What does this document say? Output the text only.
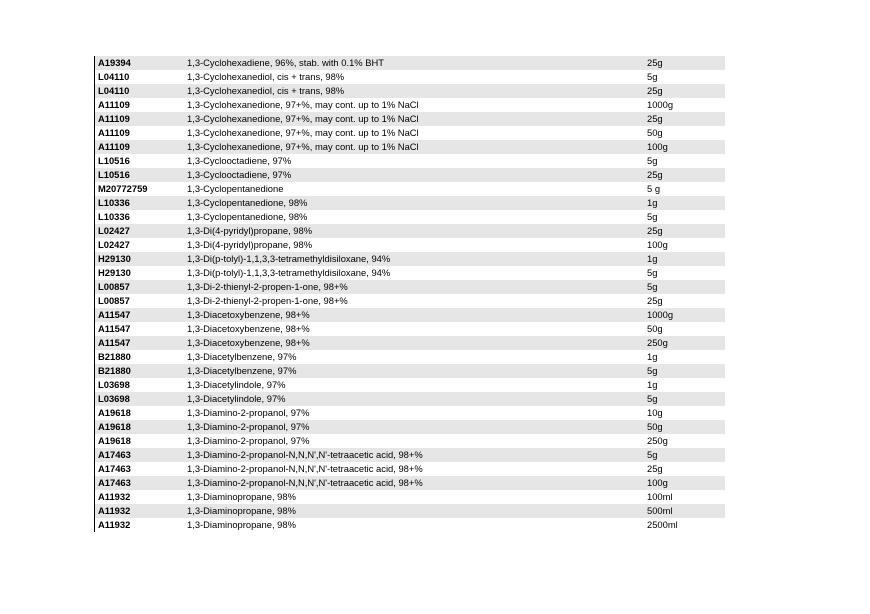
A19394	1,3-Cyclohexadiene, 96%, stab. with 0.1% BHT	25g
L04110	1,3-Cyclohexanediol, cis + trans, 98%	5g
L04110	1,3-Cyclohexanediol, cis + trans, 98%	25g
A11109	1,3-Cyclohexanedione, 97+%, may cont. up to 1% NaCl	1000g
A11109	1,3-Cyclohexanedione, 97+%, may cont. up to 1% NaCl	25g
A11109	1,3-Cyclohexanedione, 97+%, may cont. up to 1% NaCl	50g
A11109	1,3-Cyclohexanedione, 97+%, may cont. up to 1% NaCl	100g
L10516	1,3-Cyclooctadiene, 97%	5g
L10516	1,3-Cyclooctadiene, 97%	25g
M20772759	1,3-Cyclopentanedione	5 g
L10336	1,3-Cyclopentanedione, 98%	1g
L10336	1,3-Cyclopentanedione, 98%	5g
L02427	1,3-Di(4-pyridyl)propane, 98%	25g
L02427	1,3-Di(4-pyridyl)propane, 98%	100g
H29130	1,3-Di(p-tolyl)-1,1,3,3-tetramethyldisiloxane, 94%	1g
H29130	1,3-Di(p-tolyl)-1,1,3,3-tetramethyldisiloxane, 94%	5g
L00857	1,3-Di-2-thienyl-2-propen-1-one, 98+%	5g
L00857	1,3-Di-2-thienyl-2-propen-1-one, 98+%	25g
A11547	1,3-Diacetoxybenzene, 98+%	1000g
A11547	1,3-Diacetoxybenzene, 98+%	50g
A11547	1,3-Diacetoxybenzene, 98+%	250g
B21880	1,3-Diacetylbenzene, 97%	1g
B21880	1,3-Diacetylbenzene, 97%	5g
L03698	1,3-Diacetylindole, 97%	1g
L03698	1,3-Diacetylindole, 97%	5g
A19618	1,3-Diamino-2-propanol, 97%	10g
A19618	1,3-Diamino-2-propanol, 97%	50g
A19618	1,3-Diamino-2-propanol, 97%	250g
A17463	1,3-Diamino-2-propanol-N,N,N',N'-tetraacetic acid, 98+%	5g
A17463	1,3-Diamino-2-propanol-N,N,N',N'-tetraacetic acid, 98+%	25g
A17463	1,3-Diamino-2-propanol-N,N,N',N'-tetraacetic acid, 98+%	100g
A11932	1,3-Diaminopropane, 98%	100ml
A11932	1,3-Diaminopropane, 98%	500ml
A11932	1,3-Diaminopropane, 98%	2500ml
